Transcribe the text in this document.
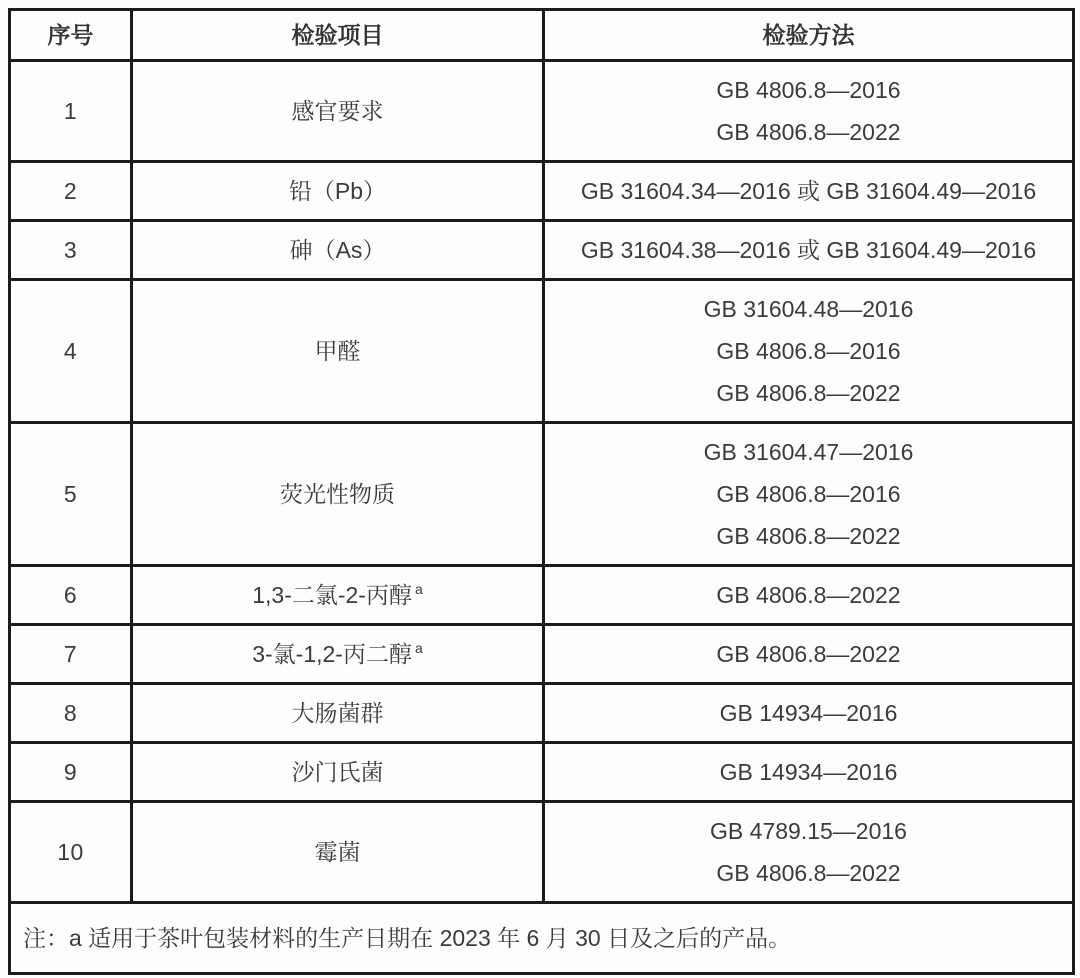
序号	检验项目	检验方法
1	感官要求	GB 4806.8—2016
GB 4806.8—2022

2	铅（Pb）	GB 31604.34—2016 或 GB 31604.49—2016

3	砷（As）	GB 31604.38—2016 或 GB 31604.49—2016

4	甲醛	GB 31604.48—2016
GB 4806.8—2016
GB 4806.8—2022

5	荧光性物质	GB 31604.47—2016
GB 4806.8—2016
GB 4806.8—2022

6	1,3-二氯-2-丙醇 $^a$	GB 4806.8—2022

7	3-氯-1,2-丙二醇 $^a$	GB 4806.8—2022

8	大肠菌群	GB 14934—2016

9	沙门氏菌	GB 14934—2016

10	霉菌	GB 4789.15—2016
GB 4806.8—2022

注：a 适用于茶叶包装材料的生产日期在 2023 年 6 月 30 日及之后的产品。		
